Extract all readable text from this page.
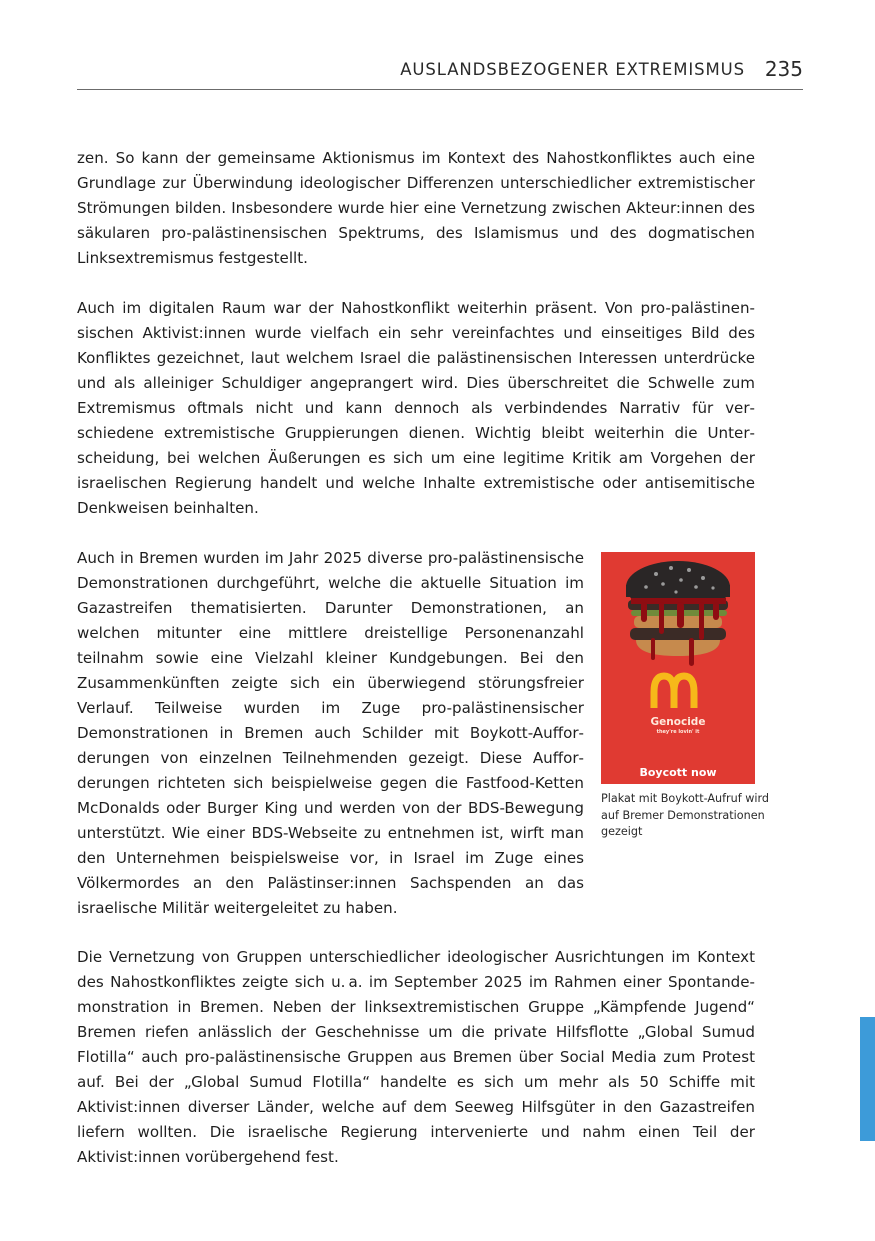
AUSLANDSBEZOGENER EXTREMISMUS 235

zen. So kann der gemeinsame Aktionismus im Kontext des Nahostkonfliktes auch eine Grundlage zur Überwindung ideologischer Differenzen unterschiedlicher extremistischer Strömungen bilden. Insbesondere wurde hier eine Vernetzung zwischen Akteur:innen des säkularen pro-palästinensischen Spektrums, des Islamismus und des dogmatischen Linksextremismus festgestellt.

Auch im digitalen Raum war der Nahostkonflikt weiterhin präsent. Von pro-palästinensischen Aktivist:innen wurde vielfach ein sehr vereinfachtes und einseitiges Bild des Konfliktes gezeichnet, laut welchem Israel die palästinensischen Interessen unterdrücke und als alleiniger Schuldiger angeprangert wird. Dies überschreitet die Schwelle zum Extremismus oftmals nicht und kann dennoch als verbindendes Narrativ für verschiedene extremistische Gruppierungen dienen. Wichtig bleibt weiterhin die Unterscheidung, bei welchen Äußerungen es sich um eine legitime Kritik am Vorgehen der israelischen Regierung handelt und welche Inhalte extremistische oder antisemitische Denkweisen beinhalten.

Auch in Bremen wurden im Jahr 2025 diverse pro-palästinensische Demonstrationen durchgeführt, welche die aktuelle Situation im Gazastreifen thematisierten. Darunter Demonstrationen, an welchen mitunter eine mittlere dreistellige Personenanzahl teilnahm sowie eine Vielzahl kleiner Kundgebungen. Bei den Zusammenkünften zeigte sich ein überwiegend störungsfreier Verlauf. Teilweise wurden im Zuge pro-palästinensischer Demonstrationen in Bremen auch Schilder mit Boykott-Aufforderungen von einzelnen Teilnehmenden gezeigt. Diese Aufforderungen richteten sich beispielweise gegen die Fastfood-Ketten McDonalds oder Burger King und werden von der BDS-Bewegung unterstützt. Wie einer BDS-Webseite zu entnehmen ist, wirft man den Unternehmen beispielsweise vor, in Israel im Zuge eines Völkermordes an den Palästinser:innen Sachspenden an das israelische Militär weitergeleitet zu haben.

Genocide
they're lovin' it
Boycott now

Plakat mit Boykott-Aufruf wird auf Bremer Demonstrationen gezeigt

Die Vernetzung von Gruppen unterschiedlicher ideologischer Ausrichtungen im Kontext des Nahostkonfliktes zeigte sich u. a. im September 2025 im Rahmen einer Spontandemonstration in Bremen. Neben der linksextremistischen Gruppe „Kämpfende Jugend“ Bremen riefen anlässlich der Geschehnisse um die private Hilfsflotte „Global Sumud Flotilla“ auch pro-palästinensische Gruppen aus Bremen über Social Media zum Protest auf. Bei der „Global Sumud Flotilla“ handelte es sich um mehr als 50 Schiffe mit Aktivist:innen diverser Länder, welche auf dem Seeweg Hilfsgüter in den Gazastreifen liefern wollten. Die israelische Regierung intervenierte und nahm einen Teil der Aktivist:innen vorübergehend fest.
